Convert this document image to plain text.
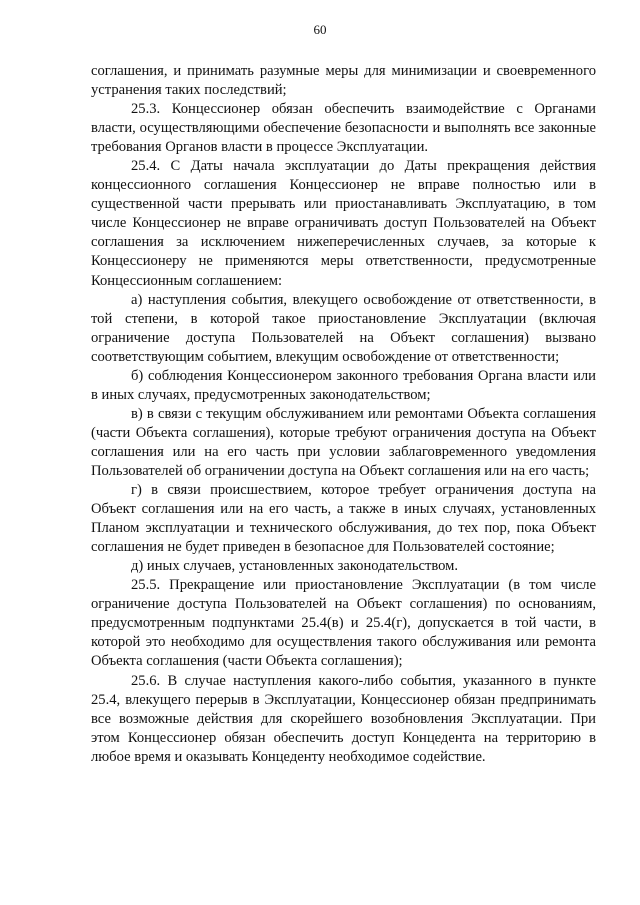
60

соглашения, и принимать разумные меры для минимизации и своевременного устранения таких последствий;

25.3. Концессионер обязан обеспечить взаимодействие с Органами власти, осуществляющими обеспечение безопасности и выполнять все законные требования Органов власти в процессе Эксплуатации.

25.4. С Даты начала эксплуатации до Даты прекращения действия концессионного соглашения Концессионер не вправе полностью или в существенной части прерывать или приостанавливать Эксплуатацию, в том числе Концессионер не вправе ограничивать доступ Пользователей на Объект соглашения за исключением нижеперечисленных случаев, за которые к Концессионеру не применяются меры ответственности, предусмотренные Концессионным соглашением:

а) наступления события, влекущего освобождение от ответственности, в той степени, в которой такое приостановление Эксплуатации (включая ограничение доступа Пользователей на Объект соглашения) вызвано соответствующим событием, влекущим освобождение от ответственности;

б) соблюдения Концессионером законного требования Органа власти или в иных случаях, предусмотренных законодательством;

в) в связи с текущим обслуживанием или ремонтами Объекта соглашения (части Объекта соглашения), которые требуют ограничения доступа на Объект соглашения или на его часть при условии заблаговременного уведомления Пользователей об ограничении доступа на Объект соглашения или на его часть;

г) в связи происшествием, которое требует ограничения доступа на Объект соглашения или на его часть, а также в иных случаях, установленных Планом эксплуатации и технического обслуживания, до тех пор, пока Объект соглашения не будет приведен в безопасное для Пользователей состояние;

д) иных случаев, установленных законодательством.

25.5. Прекращение или приостановление Эксплуатации (в том числе ограничение доступа Пользователей на Объект соглашения) по основаниям, предусмотренным подпунктами 25.4(в) и 25.4(г), допускается в той части, в которой это необходимо для осуществления такого обслуживания или ремонта Объекта соглашения (части Объекта соглашения);

25.6. В случае наступления какого-либо события, указанного в пункте 25.4, влекущего перерыв в Эксплуатации, Концессионер обязан предпринимать все возможные действия для скорейшего возобновления Эксплуатации. При этом Концессионер обязан обеспечить доступ Концедента на территорию в любое время и оказывать Концеденту необходимое содействие.
